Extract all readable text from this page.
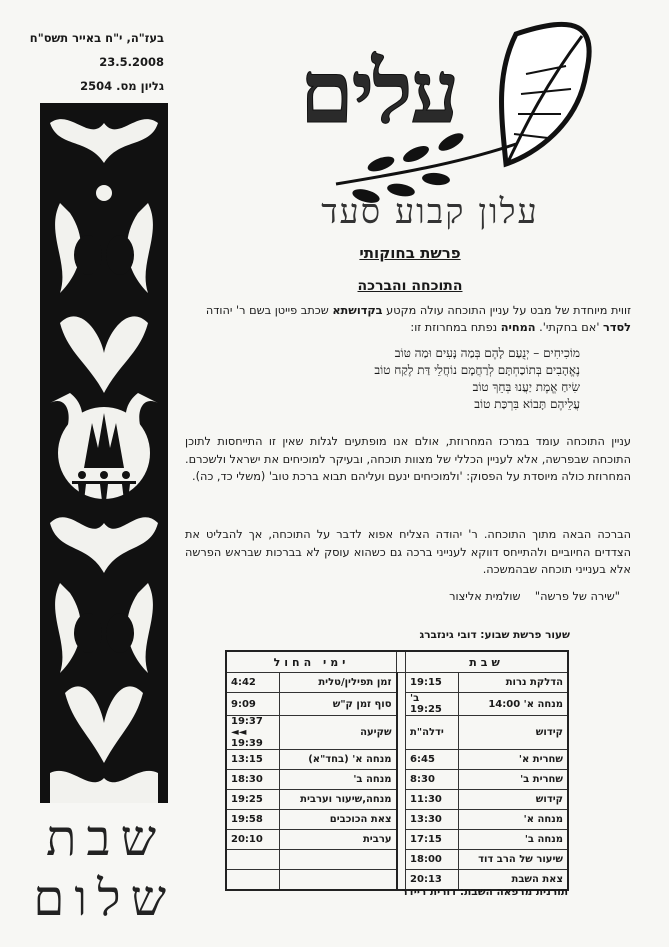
בעז"ה, י"ח באייר תשס"ח
23.5.2008
גליון מס. 2504
שבת
שלום
עלים
עלון קבוע סעד
פרשת בחוקותי
התוכחה והברכה
זווית מיוחדת של מבט על עניין התוכחה עולה מקטע בקדושתא שכתב פייטן בשם ר' יהודה לסדר 'אם בחקתי'. המחיה נפתח במחרוזת זו:
מוֹכִיחִים – יְנֻעַם לָהֶם בְּמַה נָּעִים וּמַה טּוֹב
נֶאֱהָבִים בְּתוֹכַחְתָּם לְרַחֲמָם נוֹחֲלֵי דַּת לֶקַח טוֹב
שִׂיחַ אֱמֶת יַעֲנוּ בְּחֵךְ טוֹב
עֲלֵיהֶם תָּבוֹא בִּרְכַּת טוֹב
עניין התוכחה עומד במרכז המחרוזת, אולם אנו מופתעים לגלות שאין זו התייחסות לתוכן התוכחה שבפרשה, אלא לעניין הכללי של מצוות תוכחה, ובעיקר למוכיחים את ישראל ולשכרם. המחרוזת כולה מיוסדת על הפסוק: 'ולמוכיחים ינעם ועליהם תבוא ברכת טוב' (משלי כד, כה).
הברכה הבאה מתוך התוכחה. ר' יהודה הצליח אפוא לדבר על התוכחה, אך להבליט את הצדדים החיוביים ולהתייחס דווקא לענייני ברכה גם כשהוא עוסק לא בברכות שבראש הפרשה אלא בענייני תוכחה שבהמשכה.
"שירה של פרשה"    שולמית אליצור
שעור פרשת שבוע: דובי גינזברג
שבת			ימי החול	
הדלקת נרות	19:15		זמן תפילין/טלית	4:42
מנחה א' 14:00	ב' 19:25		סוף זמן ק"ש	9:09
קידוש	ידלה"ת		שקיעה	19:37 ◄◄ 19:39
שחרית א'	6:45		מנחה א' (בחד"א)	13:15
שחרית ב'	8:30		מנחה ב'	18:30
קידוש	11:30		מנחה,שיעור וערבית	19:25
מנחה א'	13:30		צאת הכוכבים	19:58
מנחה ב'	17:15		ערבית	20:10
שיעור של הרב דוד	18:00			
צאת השבת	20:13			
תורנית מרפאה השבת: דורית ריידר
